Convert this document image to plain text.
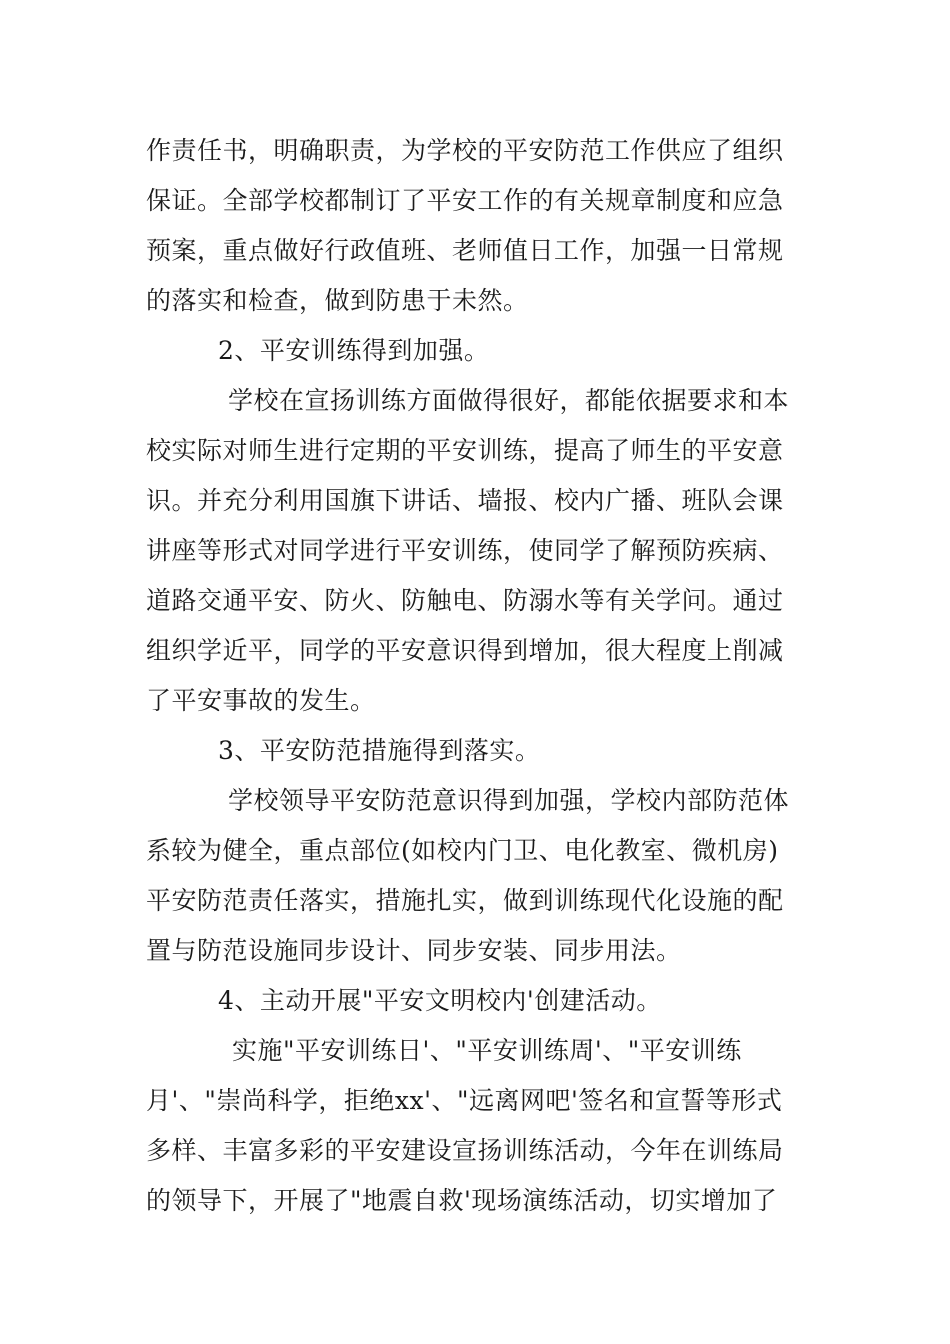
作责任书，明确职责，为学校的平安防范工作供应了组织
保证。全部学校都制订了平安工作的有关规章制度和应急
预案，重点做好行政值班、老师值日工作，加强一日常规
的落实和检查，做到防患于未然。
2、平安训练得到加强。
学校在宣扬训练方面做得很好，都能依据要求和本
校实际对师生进行定期的平安训练，提高了师生的平安意
识。并充分利用国旗下讲话、墙报、校内广播、班队会课
讲座等形式对同学进行平安训练，使同学了解预防疾病、
道路交通平安、防火、防触电、防溺水等有关学问。通过
组织学近平，同学的平安意识得到增加，很大程度上削减
了平安事故的发生。
3、平安防范措施得到落实。
学校领导平安防范意识得到加强，学校内部防范体
系较为健全，重点部位(如校内门卫、电化教室、微机房)
平安防范责任落实，措施扎实，做到训练现代化设施的配
置与防范设施同步设计、同步安装、同步用法。
4、主动开展"平安文明校内'创建活动。
实施"平安训练日'、"平安训练周'、"平安训练
月'、"崇尚科学，拒绝xx'、"远离网吧'签名和宣誓等形式
多样、丰富多彩的平安建设宣扬训练活动，今年在训练局
的领导下，开展了"地震自救'现场演练活动，切实增加了
